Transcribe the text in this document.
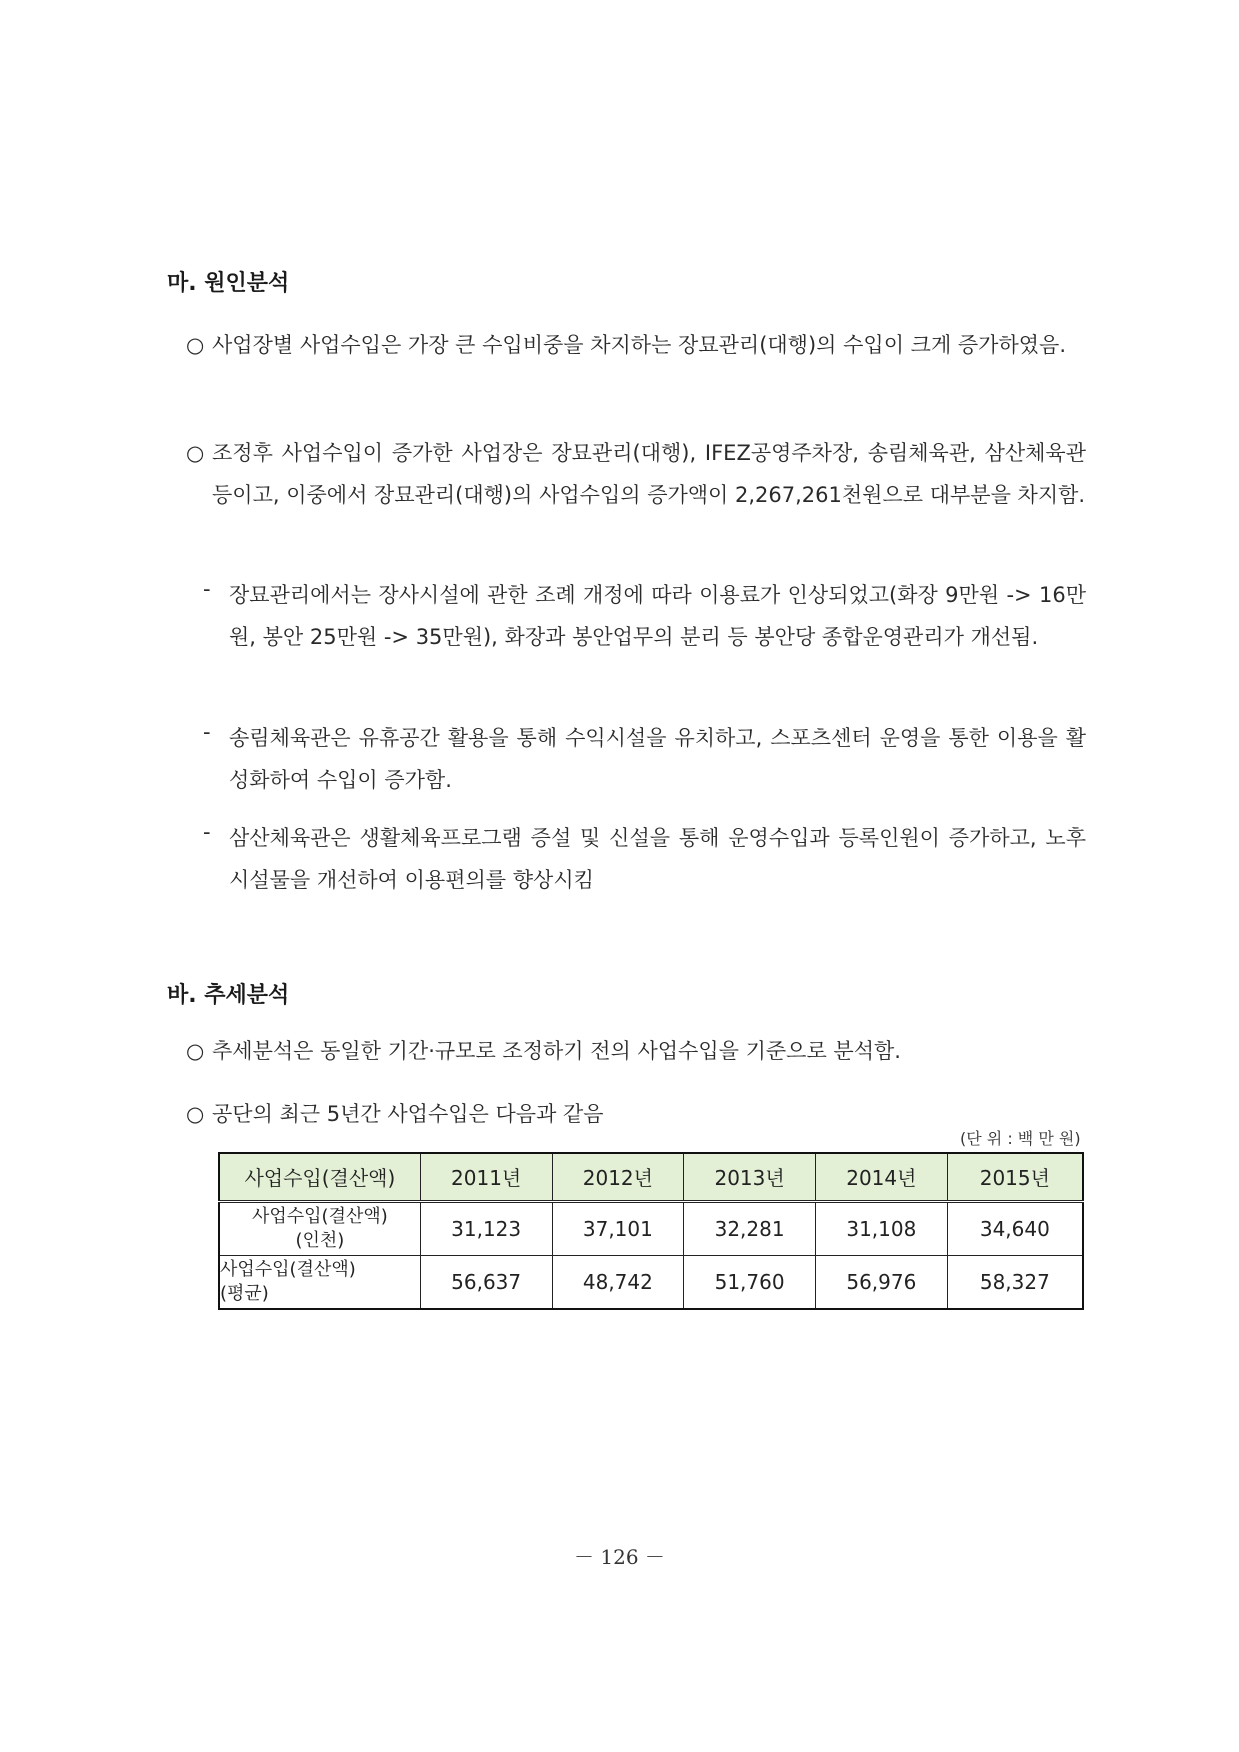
마. 원인분석
○ 사업장별 사업수입은 가장 큰 수입비중을 차지하는 장묘관리(대행)의 수입이 크게 증가하였음.
○ 조정후 사업수입이 증가한 사업장은 장묘관리(대행), IFEZ공영주차장, 송림체육관, 삼산체육관 등이고, 이중에서 장묘관리(대행)의 사업수입의 증가액이 2,267,261천원으로 대부분을 차지함.
- 장묘관리에서는 장사시설에 관한 조례 개정에 따라 이용료가 인상되었고(화장 9만원 -> 16만원, 봉안 25만원 -> 35만원), 화장과 봉안업무의 분리 등 봉안당 종합운영관리가 개선됨.
- 송림체육관은 유휴공간 활용을 통해 수익시설을 유치하고, 스포츠센터 운영을 통한 이용을 활성화하여 수입이 증가함.
- 삼산체육관은 생활체육프로그램 증설 및 신설을 통해 운영수입과 등록인원이 증가하고, 노후시설물을 개선하여 이용편의를 향상시킴
바. 추세분석
○ 추세분석은 동일한 기간·규모로 조정하기 전의 사업수입을 기준으로 분석함.
○ 공단의 최근 5년간 사업수입은 다음과 같음
(단 위 : 백 만 원)
사업수입(결산액)	2011년	2012년	2013년	2014년	2015년

사업수입(결산액)
(인천)	31,123	37,101	32,281	31,108	34,640

사업수입(결산액)
(평균)	56,637	48,742	51,760	56,976	58,327
－ 126 －
